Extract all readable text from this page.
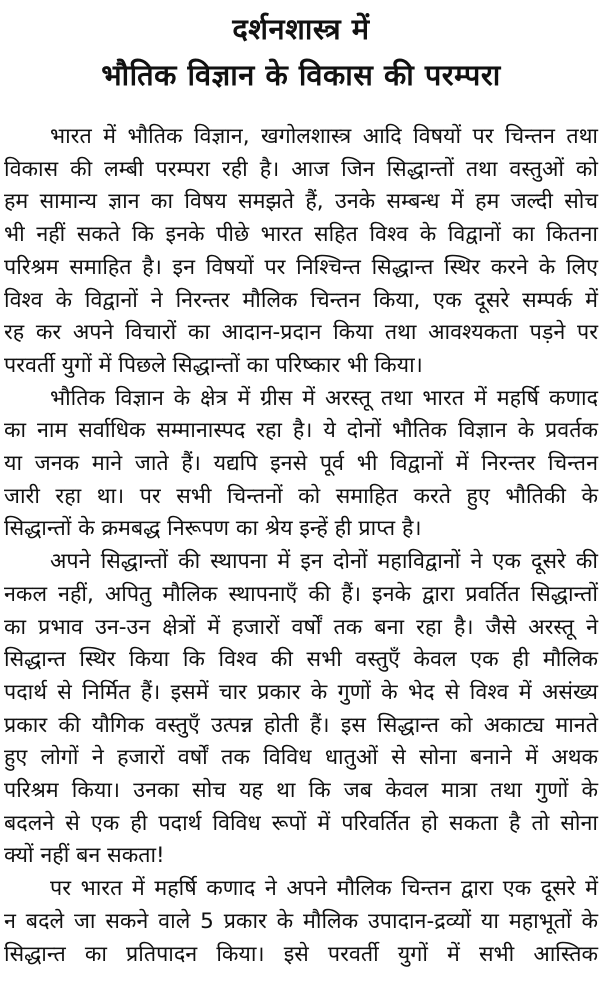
दर्शनशास्त्र में
भौतिक विज्ञान के विकास की परम्परा

भारत में भौतिक विज्ञान, खगोलशास्त्र आदि विषयों पर चिन्तन तथा
विकास की लम्बी परम्परा रही है। आज जिन सिद्धान्तों तथा वस्तुओं को
हम सामान्य ज्ञान का विषय समझते हैं, उनके सम्बन्ध में हम जल्दी सोच
भी नहीं सकते कि इनके पीछे भारत सहित विश्व के विद्वानों का कितना
परिश्रम समाहित है। इन विषयों पर निश्चिन्त सिद्धान्त स्थिर करने के लिए
विश्व के विद्वानों ने निरन्तर मौलिक चिन्तन किया, एक दूसरे सम्पर्क में
रह कर अपने विचारों का आदान-प्रदान किया तथा आवश्यकता पड़ने पर
परवर्ती युगों में पिछले सिद्धान्तों का परिष्कार भी किया।

भौतिक विज्ञान के क्षेत्र में ग्रीस में अरस्तू तथा भारत में महर्षि कणाद
का नाम सर्वाधिक सम्मानास्पद रहा है। ये दोनों भौतिक विज्ञान के प्रवर्तक
या जनक माने जाते हैं। यद्यपि इनसे पूर्व भी विद्वानों में निरन्तर चिन्तन
जारी रहा था। पर सभी चिन्तनों को समाहित करते हुए भौतिकी के
सिद्धान्तों के क्रमबद्ध निरूपण का श्रेय इन्हें ही प्राप्त है।

अपने सिद्धान्तों की स्थापना में इन दोनों महाविद्वानों ने एक दूसरे की
नकल नहीं, अपितु मौलिक स्थापनाएँ की हैं। इनके द्वारा प्रवर्तित सिद्धान्तों
का प्रभाव उन-उन क्षेत्रों में हजारों वर्षों तक बना रहा है। जैसे अरस्तू ने
सिद्धान्त स्थिर किया कि विश्व की सभी वस्तुएँ केवल एक ही मौलिक
पदार्थ से निर्मित हैं। इसमें चार प्रकार के गुणों के भेद से विश्व में असंख्य
प्रकार की यौगिक वस्तुएँ उत्पन्न होती हैं। इस सिद्धान्त को अकाट्य मानते
हुए लोगों ने हजारों वर्षों तक विविध धातुओं से सोना बनाने में अथक
परिश्रम किया। उनका सोच यह था कि जब केवल मात्रा तथा गुणों के
बदलने से एक ही पदार्थ विविध रूपों में परिवर्तित हो सकता है तो सोना
क्यों नहीं बन सकता!

पर भारत में महर्षि कणाद ने अपने मौलिक चिन्तन द्वारा एक दूसरे में
न बदले जा सकने वाले 5 प्रकार के मौलिक उपादान-द्रव्यों या महाभूतों के
सिद्धान्त का प्रतिपादन किया। इसे परवर्ती युगों में सभी आस्तिक
